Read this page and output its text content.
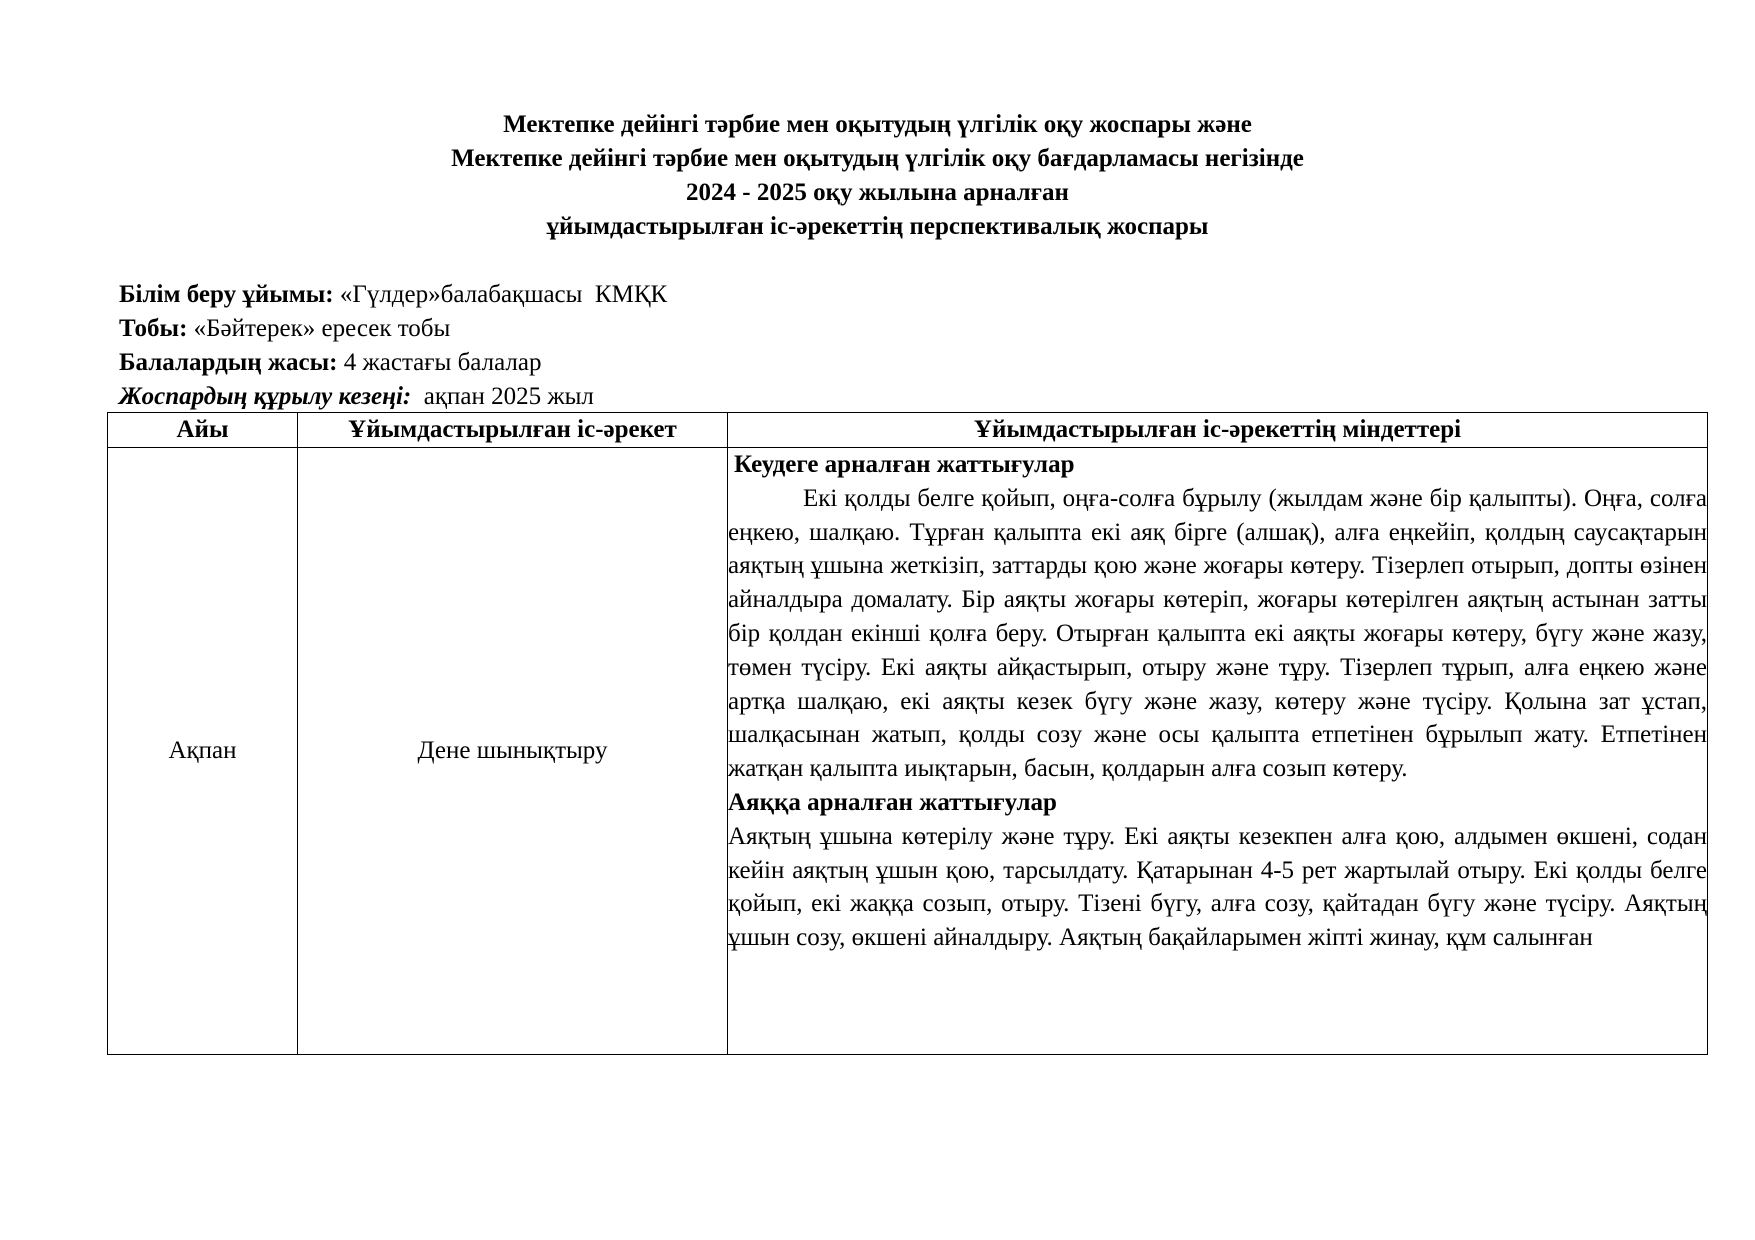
Мектепке дейінгі тәрбие мен оқытудың үлгілік оқу жоспары және
Мектепке дейінгі тәрбие мен оқытудың үлгілік оқу бағдарламасы негізінде
2024 - 2025 оқу жылына арналған
ұйымдастырылған іс-әрекеттің перспективалық жоспары
Білім беру ұйымы: «Гүлдер»балабақшасы  КМҚК
Тобы: «Бәйтерек» ересек тобы
Балалардың жасы: 4 жастағы балалар
Жоспардың құрылу кезеңі:  ақпан 2025 жыл
Айы	Ұйымдастырылған іс-әрекет	Ұйымдастырылған іс-әрекеттің міндеттері
Ақпан	Дене шынықтыру	Кеудеге арналған жаттығулар
Екі қолды белге қойып, оңға-солға бұрылу (жылдам және бір қалыпты). Оңға, солға еңкею, шалқаю. Тұрған қалыпта екі аяқ бірге (алшақ), алға еңкейіп, қолдың саусақтарын аяқтың ұшына жеткізіп, заттарды қою және жоғары көтеру. Тізерлеп отырып, допты өзінен айналдыра домалату. Бір аяқты жоғары көтеріп, жоғары көтерілген аяқтың астынан затты бір қолдан екінші қолға беру. Отырған қалыпта екі аяқты жоғары көтеру, бүгу және жазу, төмен түсіру. Екі аяқты айқастырып, отыру және тұру. Тізерлеп тұрып, алға еңкею және артқа шалқаю, екі аяқты кезек бүгу және жазу, көтеру және түсіру. Қолына зат ұстап, шалқасынан жатып, қолды созу және осы қалыпта етпетінен бұрылып жату. Етпетінен жатқан қалыпта иықтарын, басын, қолдарын алға созып көтеру.
Аяққа арналған жаттығулар
Аяқтың ұшына көтерілу және тұру. Екі аяқты кезекпен алға қою, алдымен өкшені, содан кейін аяқтың ұшын қою, тарсылдату. Қатарынан 4-5 рет жартылай отыру. Екі қолды белге қойып, екі жаққа созып, отыру. Тізені бүгу, алға созу, қайтадан бүгу және түсіру. Аяқтың ұшын созу, өкшені айналдыру. Аяқтың бақайларымен жіпті жинау, құм салынған
